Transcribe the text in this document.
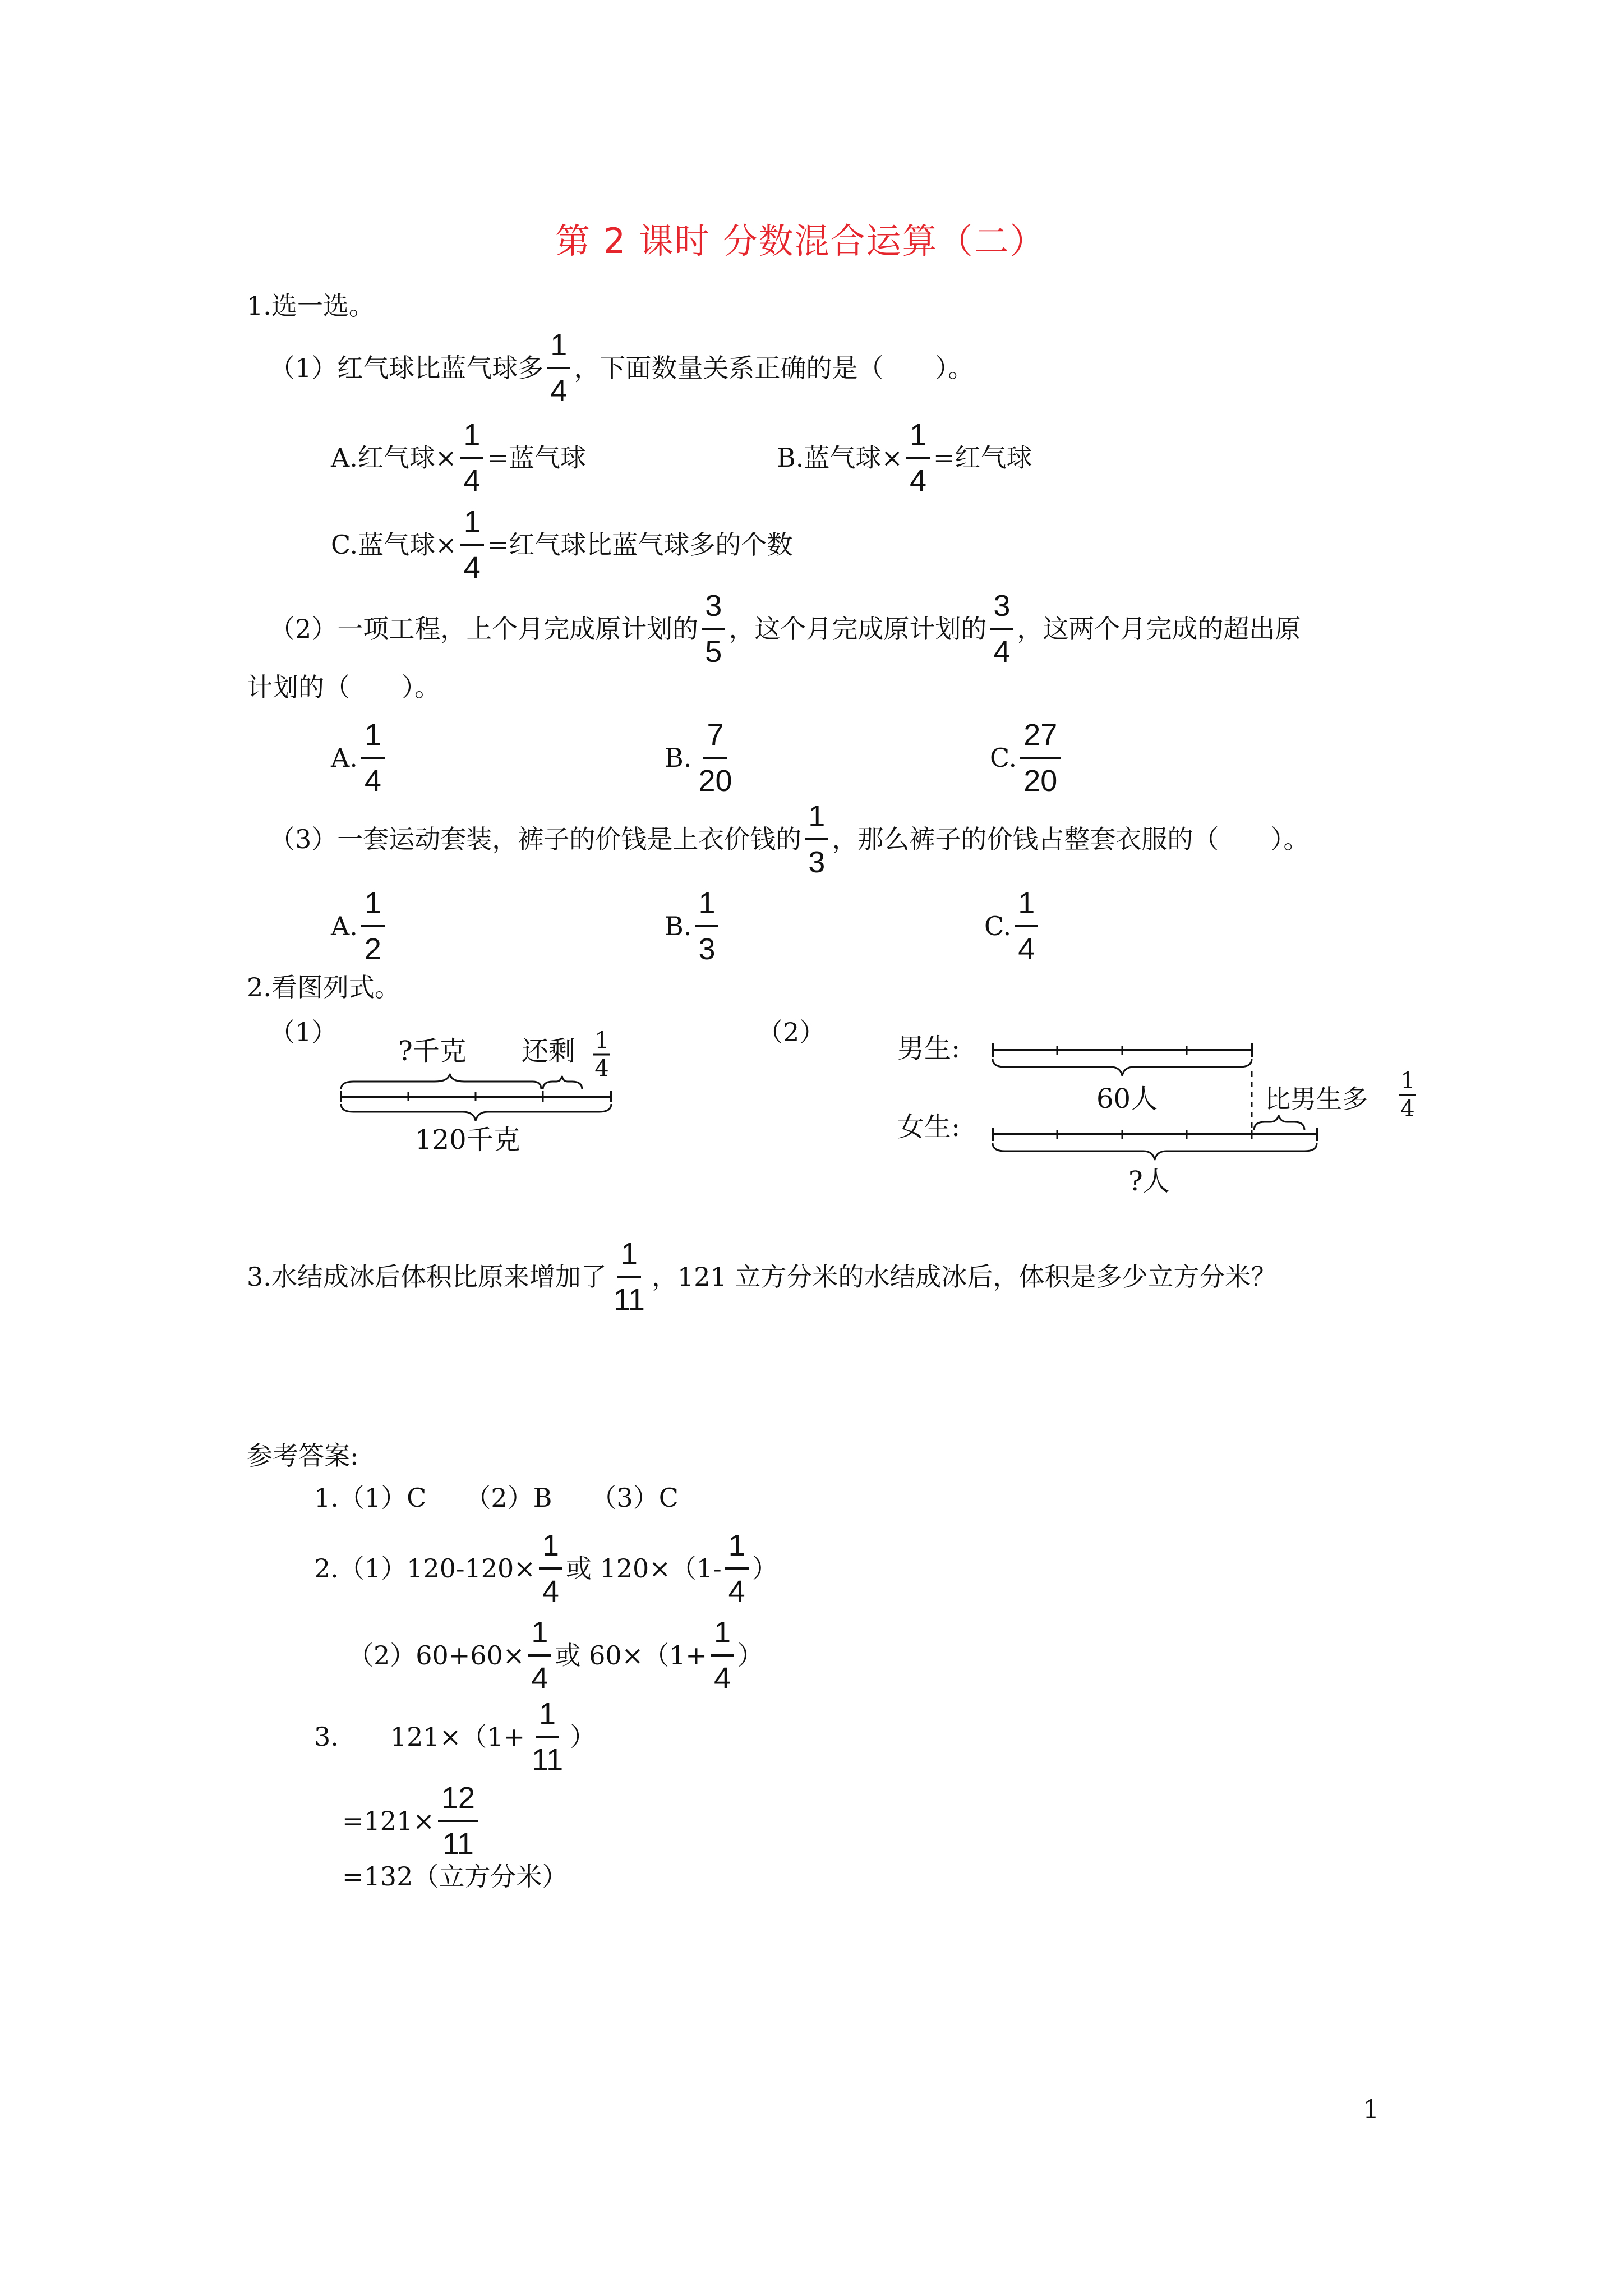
第 2 课时 分数混合运算（二）
1.选一选。
（1）红气球比蓝气球多 $\frac{1}{4}$ ，下面数量关系正确的是（　　）。
A.红气球× $\frac{1}{4}$ =蓝气球	B.蓝气球× $\frac{1}{4}$ =红气球
C.蓝气球× $\frac{1}{4}$ =红气球比蓝气球多的个数
（2）一项工程，上个月完成原计划的 $\frac{3}{5}$ ，这个月完成原计划的 $\frac{3}{4}$ ，这两个月完成的超出原
计划的（　　）。
A. $\frac{1}{4}$	B. $\frac{7}{20}$	C. $\frac{27}{20}$
（3）一套运动套装，裤子的价钱是上衣价钱的 $\frac{1}{3}$ ，那么裤子的价钱占整套衣服的（　　）。
A. $\frac{1}{2}$	B. $\frac{1}{3}$	C. $\frac{1}{4}$
2.看图列式。
（1）
?千克 还剩 1
4
120千克
（2）
男生:
60人	比男生多
1
4
女生:
?人
3.水结成冰后体积比原来增加了 $\frac{1}{11}$ ，121 立方分米的水结成冰后，体积是多少立方分米？
参考答案:
1.（1）C　　（2）B　　（3）C
$2.(1)120-120\times \frac{1}{4}$ 或 $120\times(1- \frac{1}{4}$ ）
$(2)60+60\times \frac{1}{4}$ 或 $60\times(1+ \frac{1}{4}$ ）
3.　　$121\times(1+ \frac{1}{11}$ ）
$=121\times \frac{12}{11}$
=132（立方分米）
1
